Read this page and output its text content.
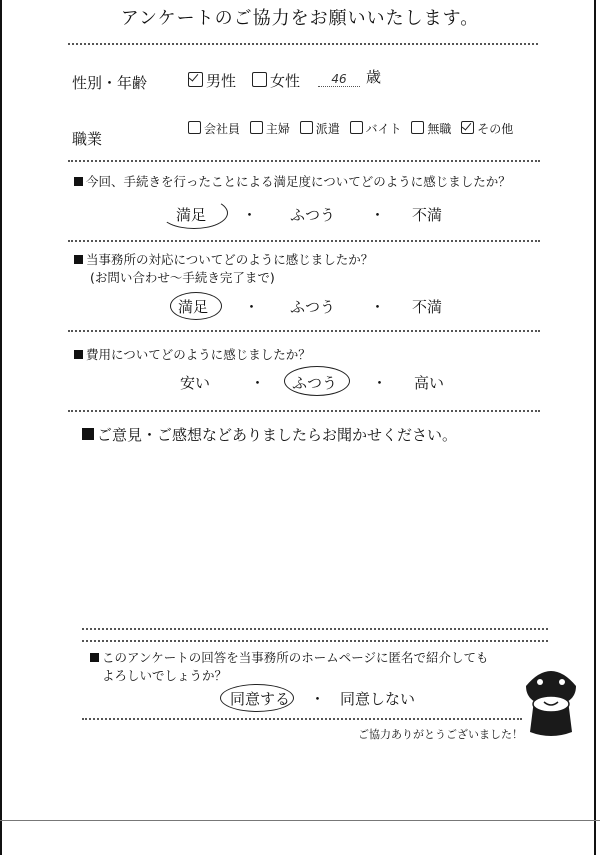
アンケートのご協力をお願いいたします。
性別・年齢	男性	女性	46	歳
職業
会社員 主婦 派遣 バイト 無職 その他
今回、手続きを行ったことによる満足度についてどのように感じましたか？
満足 ・ ふつう ・ 不満
当事務所の対応についてどのように感じましたか？
(お問い合わせ～手続き完了まで)
満足 ・ ふつう ・ 不満
費用についてどのように感じましたか？
安い	・ ふつう ・ 高い
ご意見・ご感想などありましたらお聞かせください。
このアンケートの回答を当事務所のホームページに匿名で紹介しても
よろしいでしょうか？
同意する ・ 同意しない
ご協力ありがとうございました！
